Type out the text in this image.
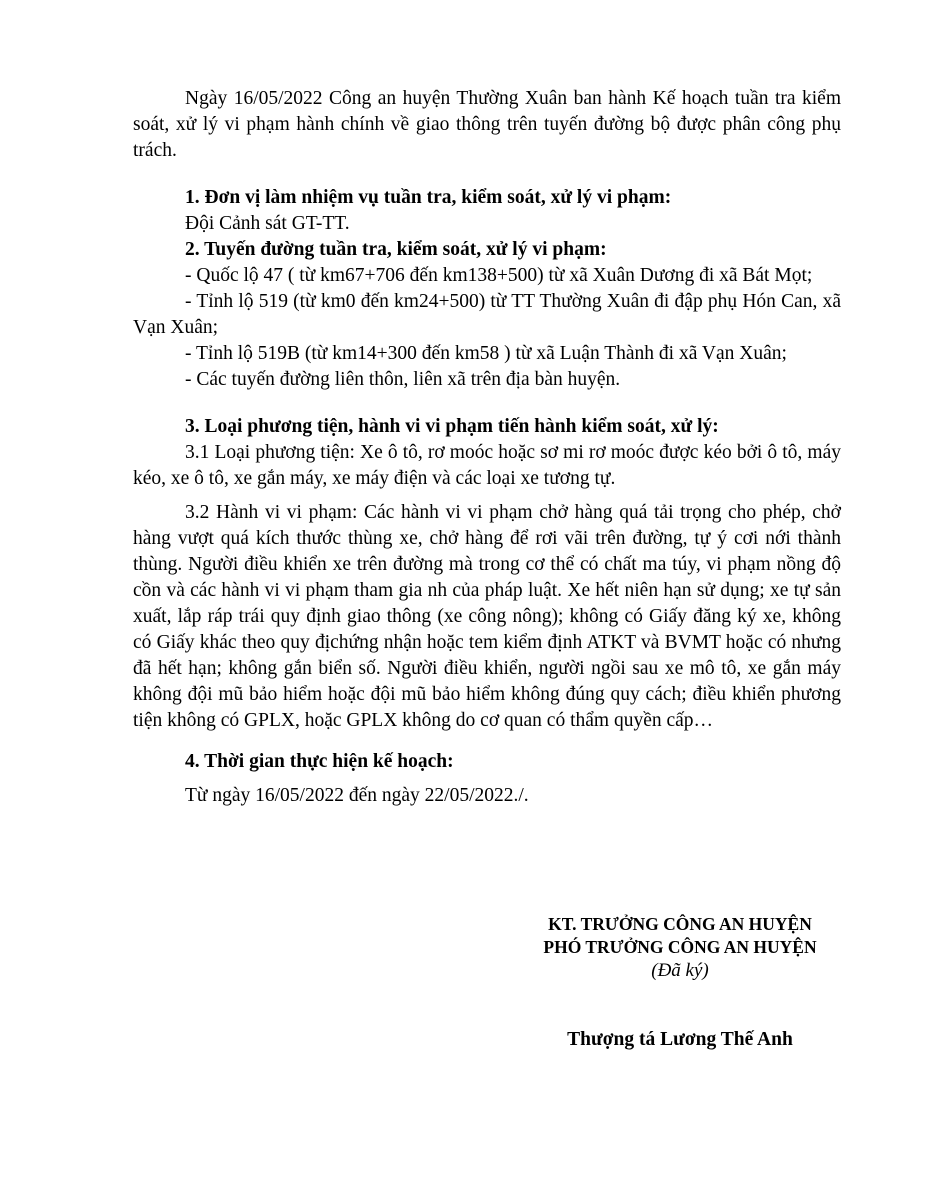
Ngày 16/05/2022 Công an huyện Thường Xuân ban hành Kế hoạch tuần tra kiểm soát, xử lý vi phạm hành chính về giao thông trên tuyến đường bộ được phân công phụ trách.

1. Đơn vị làm nhiệm vụ tuần tra, kiểm soát, xử lý vi phạm:

Đội Cảnh sát GT-TT.

2. Tuyến đường tuần tra, kiểm soát, xử lý vi phạm:

- Quốc lộ 47 ( từ km67+706 đến km138+500) từ xã Xuân Dương đi xã Bát Mọt;

- Tỉnh lộ 519 (từ km0 đến km24+500) từ TT Thường Xuân đi đập phụ Hón Can, xã Vạn Xuân;

- Tỉnh lộ 519B (từ km14+300 đến km58 ) từ xã Luận Thành đi xã Vạn Xuân;

- Các tuyến đường liên thôn, liên xã trên địa bàn huyện.

3. Loại phương tiện, hành vi vi phạm tiến hành kiểm soát, xử lý:

3.1 Loại phương tiện: Xe ô tô, rơ moóc hoặc sơ mi rơ moóc được kéo bởi ô tô, máy kéo, xe ô tô, xe gắn máy, xe máy điện và các loại xe tương tự.

3.2 Hành vi vi phạm: Các hành vi vi phạm chở hàng quá tải trọng cho phép, chở hàng vượt quá kích thước thùng xe, chở hàng để rơi vãi trên đường, tự ý cơi nới thành thùng. Người điều khiển xe trên đường mà trong cơ thể có chất ma túy, vi phạm nồng độ cồn và các hành vi vi phạm tham gia nh của pháp luật. Xe hết niên hạn sử dụng; xe tự sản xuất, lắp ráp trái quy định giao thông (xe công nông); không có Giấy đăng ký xe, không có Giấy khác theo quy địchứng nhận hoặc tem kiểm định ATKT và BVMT hoặc có nhưng đã hết hạn; không gắn biển số. Người điều khiển, người ngồi sau xe mô tô, xe gắn máy không đội mũ bảo hiểm hoặc đội mũ bảo hiểm không đúng quy cách; điều khiển phương tiện không có GPLX, hoặc GPLX không do cơ quan có thẩm quyền cấp…

4. Thời gian thực hiện kế hoạch:

Từ ngày 16/05/2022 đến ngày 22/05/2022./.

KT. TRƯỞNG CÔNG AN HUYỆN
PHÓ TRƯỞNG CÔNG AN HUYỆN
(Đã ký)
Thượng tá Lương Thế Anh
